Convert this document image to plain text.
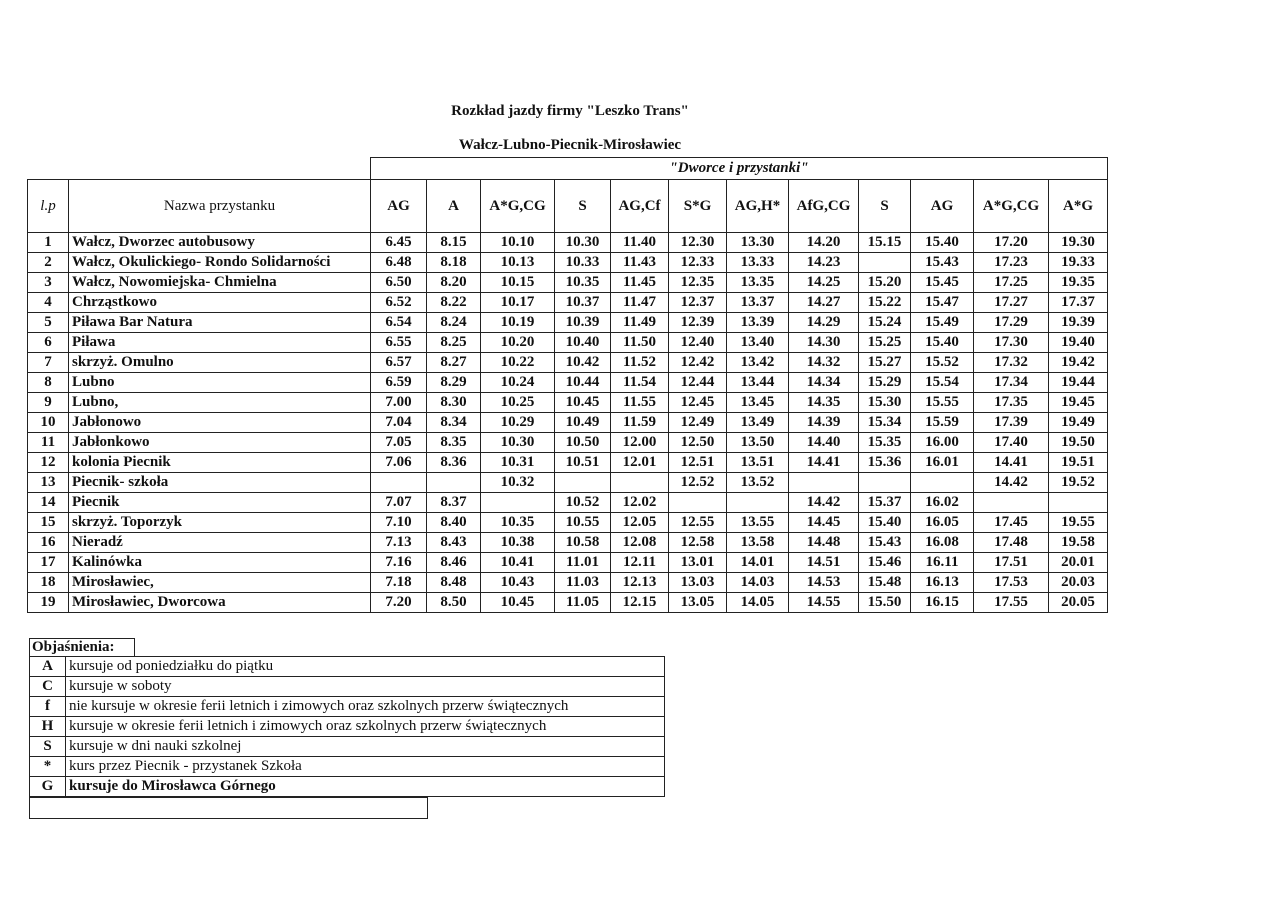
Rozkład jazdy firmy "Leszko Trans"
Wałcz-Lubno-Piecnik-Mirosławiec
"Dworce i przystanki"
l.p	Nazwa przystanku	AG	A	A*G,CG	S	AG,Cf	S*G	AG,H*	AfG,CG	S	AG	A*G,CG	A*G
1	Wałcz, Dworzec autobusowy	6.45	8.15	10.10	10.30	11.40	12.30	13.30	14.20	15.15	15.40	17.20	19.30
2	Wałcz, Okulickiego- Rondo Solidarności	6.48	8.18	10.13	10.33	11.43	12.33	13.33	14.23		15.43	17.23	19.33
3	Wałcz, Nowomiejska- Chmielna	6.50	8.20	10.15	10.35	11.45	12.35	13.35	14.25	15.20	15.45	17.25	19.35
4	Chrząstkowo	6.52	8.22	10.17	10.37	11.47	12.37	13.37	14.27	15.22	15.47	17.27	17.37
5	Piława Bar Natura	6.54	8.24	10.19	10.39	11.49	12.39	13.39	14.29	15.24	15.49	17.29	19.39
6	Piława	6.55	8.25	10.20	10.40	11.50	12.40	13.40	14.30	15.25	15.40	17.30	19.40
7	skrzyż. Omulno	6.57	8.27	10.22	10.42	11.52	12.42	13.42	14.32	15.27	15.52	17.32	19.42
8	Lubno	6.59	8.29	10.24	10.44	11.54	12.44	13.44	14.34	15.29	15.54	17.34	19.44
9	Lubno,	7.00	8.30	10.25	10.45	11.55	12.45	13.45	14.35	15.30	15.55	17.35	19.45
10	Jabłonowo	7.04	8.34	10.29	10.49	11.59	12.49	13.49	14.39	15.34	15.59	17.39	19.49
11	Jabłonkowo	7.05	8.35	10.30	10.50	12.00	12.50	13.50	14.40	15.35	16.00	17.40	19.50
12	kolonia Piecnik	7.06	8.36	10.31	10.51	12.01	12.51	13.51	14.41	15.36	16.01	14.41	19.51
13	Piecnik- szkoła			10.32			12.52	13.52				14.42	19.52
14	Piecnik	7.07	8.37		10.52	12.02			14.42	15.37	16.02		
15	skrzyż. Toporzyk	7.10	8.40	10.35	10.55	12.05	12.55	13.55	14.45	15.40	16.05	17.45	19.55
16	Nieradź	7.13	8.43	10.38	10.58	12.08	12.58	13.58	14.48	15.43	16.08	17.48	19.58
17	Kalinówka	7.16	8.46	10.41	11.01	12.11	13.01	14.01	14.51	15.46	16.11	17.51	20.01
18	Mirosławiec,	7.18	8.48	10.43	11.03	12.13	13.03	14.03	14.53	15.48	16.13	17.53	20.03
19	Mirosławiec, Dworcowa	7.20	8.50	10.45	11.05	12.15	13.05	14.05	14.55	15.50	16.15	17.55	20.05

A	kursuje od poniedziałku do piątku
C	kursuje w soboty
f	nie kursuje w okresie ferii letnich i zimowych oraz szkolnych przerw świątecznych
H	kursuje w okresie ferii letnich i zimowych oraz szkolnych przerw świątecznych
S	kursuje w dni nauki szkolnej
*	kurs przez Piecnik - przystanek Szkoła
G	kursuje do Mirosławca Górnego
Objaśnienia:
